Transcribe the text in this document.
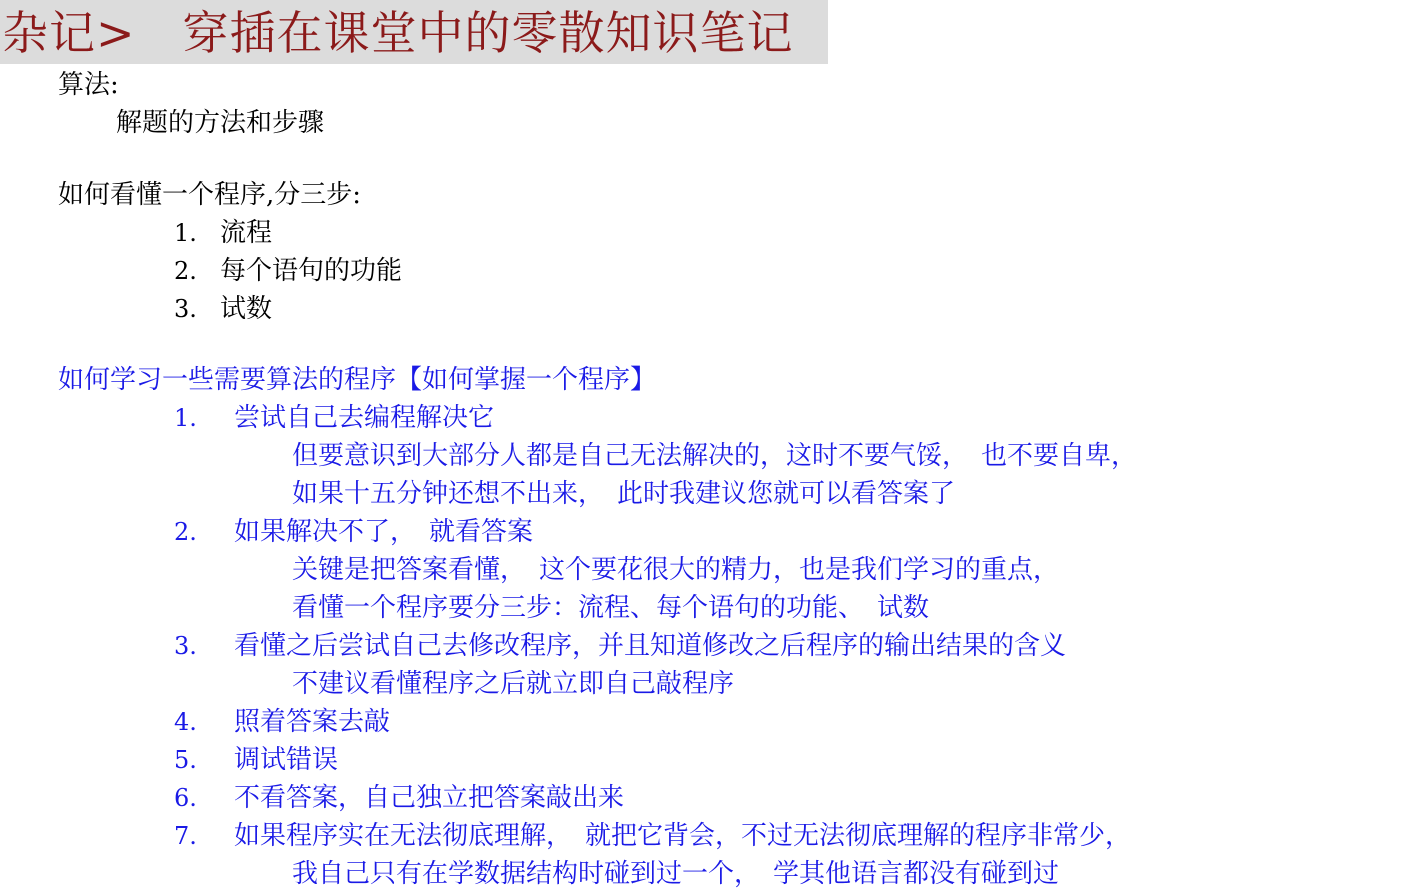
杂记>　穿插在课堂中的零散知识笔记
算法:
解题的方法和步骤
如何看懂一个程序,分三步:
1. 流程
2. 每个语句的功能
3. 试数
如何学习一些需要算法的程序【如何掌握一个程序】
1. 尝试自己去编程解决它
但要意识到大部分人都是自己无法解决的，这时不要气馁，　也不要自卑，
如果十五分钟还想不出来，　此时我建议您就可以看答案了
2. 如果解决不了，　就看答案
关键是把答案看懂，　这个要花很大的精力，也是我们学习的重点，
看懂一个程序要分三步：流程、每个语句的功能、　试数
3. 看懂之后尝试自己去修改程序，并且知道修改之后程序的输出结果的含义
不建议看懂程序之后就立即自己敲程序
4. 照着答案去敲
5. 调试错误
6. 不看答案，自己独立把答案敲出来
7. 如果程序实在无法彻底理解，　就把它背会，不过无法彻底理解的程序非常少，
我自己只有在学数据结构时碰到过一个，　学其他语言都没有碰到过
